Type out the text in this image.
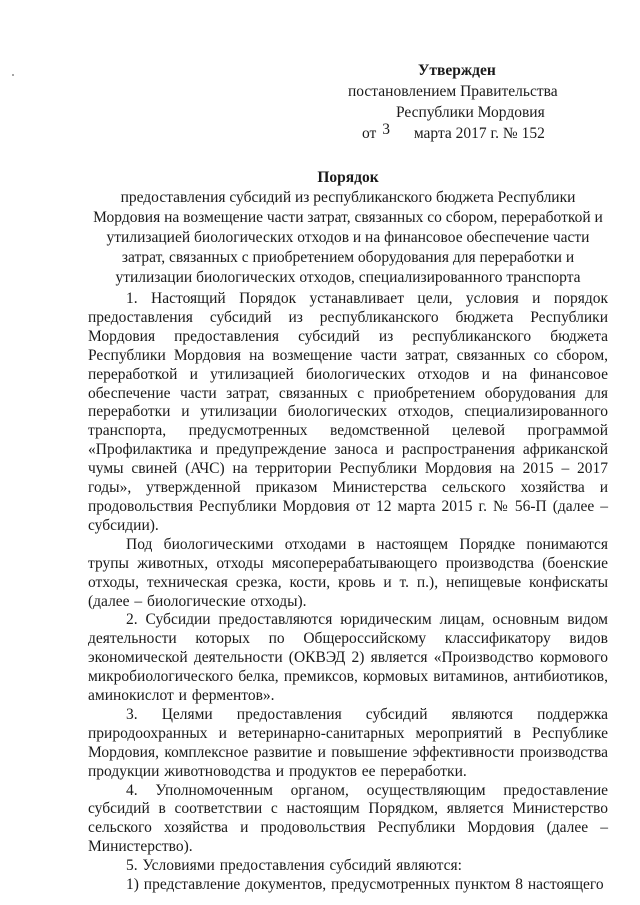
Утвержден
постановлением Правительства
Республики Мордовия
от 3 марта 2017 г. № 152
Порядок
предоставления субсидий из республиканского бюджета Республики Мордовия на возмещение части затрат, связанных со сбором, переработкой и утилизацией биологических отходов и на финансовое обеспечение части затрат, связанных с приобретением оборудования для переработки и утилизации биологических отходов, специализированного транспорта

1. Настоящий Порядок устанавливает цели, условия и порядок предоставления субсидий из республиканского бюджета Республики Мордовия предоставления субсидий из республиканского бюджета Республики Мордовия на возмещение части затрат, связанных со сбором, переработкой и утилизацией биологических отходов и на финансовое обеспечение части затрат, связанных с приобретением оборудования для переработки и утилизации биологических отходов, специализированного транспорта, предусмотренных ведомственной целевой программой «Профилактика и предупреждение заноса и распространения африканской чумы свиней (АЧС) на территории Республики Мордовия на 2015 – 2017 годы», утвержденной приказом Министерства сельского хозяйства и продовольствия Республики Мордовия от 12 марта 2015 г. № 56-П (далее – субсидии).

Под биологическими отходами в настоящем Порядке понимаются трупы животных, отходы мясоперерабатывающего производства (боенские отходы, техническая срезка, кости, кровь и т. п.), непищевые конфискаты (далее – биологические отходы).

2. Субсидии предоставляются юридическим лицам, основным видом деятельности которых по Общероссийскому классификатору видов экономической деятельности (ОКВЭД 2) является «Производство кормового микробиологического белка, премиксов, кормовых витаминов, антибиотиков, аминокислот и ферментов».

3. Целями предоставления субсидий являются поддержка природоохранных и ветеринарно-санитарных мероприятий в Республике Мордовия, комплексное развитие и повышение эффективности производства продукции животноводства и продуктов ее переработки.

4. Уполномоченным органом, осуществляющим предоставление субсидий в соответствии с настоящим Порядком, является Министерство сельского хозяйства и продовольствия Республики Мордовия (далее – Министерство).

5. Условиями предоставления субсидий являются:

1) представление документов, предусмотренных пунктом 8 настоящего
